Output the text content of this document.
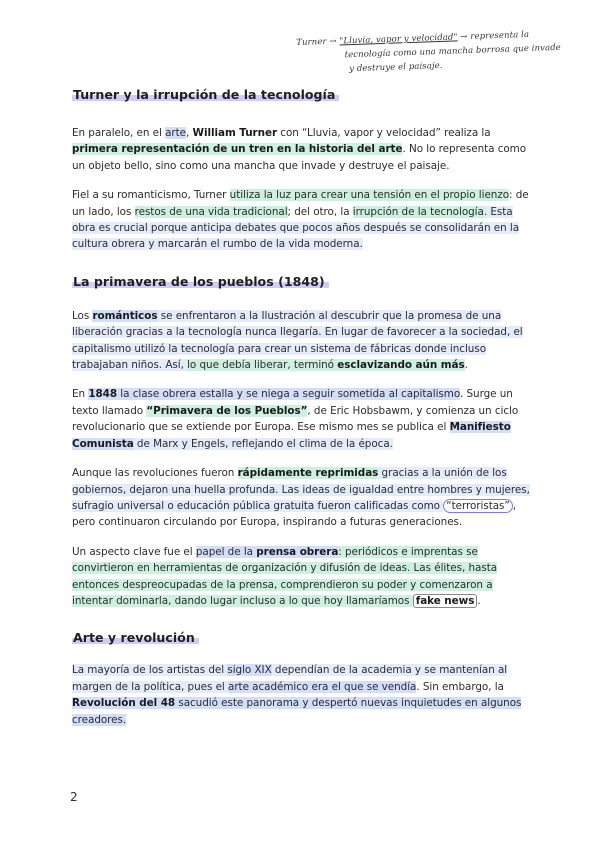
Turner → "Lluvia, vapor y velocidad" → representa la
tecnología como una mancha borrosa que invade
y destruye el paisaje.
Turner y la irrupción de la tecnología

En paralelo, en el arte, William Turner con “Lluvia, vapor y velocidad” realiza la primera representación de un tren en la historia del arte. No lo representa como un objeto bello, sino como una mancha que invade y destruye el paisaje.

Fiel a su romanticismo, Turner utiliza la luz para crear una tensión en el propio lienzo: de un lado, los restos de una vida tradicional; del otro, la irrupción de la tecnología. Esta obra es crucial porque anticipa debates que pocos años después se consolidarán en la cultura obrera y marcarán el rumbo de la vida moderna.

La primavera de los pueblos (1848)

Los románticos se enfrentaron a la Ilustración al descubrir que la promesa de una liberación gracias a la tecnología nunca llegaría. En lugar de favorecer a la sociedad, el capitalismo utilizó la tecnología para crear un sistema de fábricas donde incluso trabajaban niños. Así, lo que debía liberar, terminó esclavizando aún más.

En 1848 la clase obrera estalla y se niega a seguir sometida al capitalismo. Surge un texto llamado “Primavera de los Pueblos”, de Eric Hobsbawm, y comienza un ciclo revolucionario que se extiende por Europa. Ese mismo mes se publica el Manifiesto Comunista de Marx y Engels, reflejando el clima de la época.

Aunque las revoluciones fueron rápidamente reprimidas gracias a la unión de los gobiernos, dejaron una huella profunda. Las ideas de igualdad entre hombres y mujeres, sufragio universal o educación pública gratuita fueron calificadas como “terroristas” , pero continuaron circulando por Europa, inspirando a futuras generaciones.

Un aspecto clave fue el papel de la prensa obrera: periódicos e imprentas se convirtieron en herramientas de organización y difusión de ideas. Las élites, hasta entonces despreocupadas de la prensa, comprendieron su poder y comenzaron a intentar dominarla, dando lugar incluso a lo que hoy llamaríamos fake news .

Arte y revolución

La mayoría de los artistas del siglo XIX dependían de la academia y se mantenían al margen de la política, pues el arte académico era el que se vendía. Sin embargo, la Revolución del 48 sacudió este panorama y despertó nuevas inquietudes en algunos creadores.

2
